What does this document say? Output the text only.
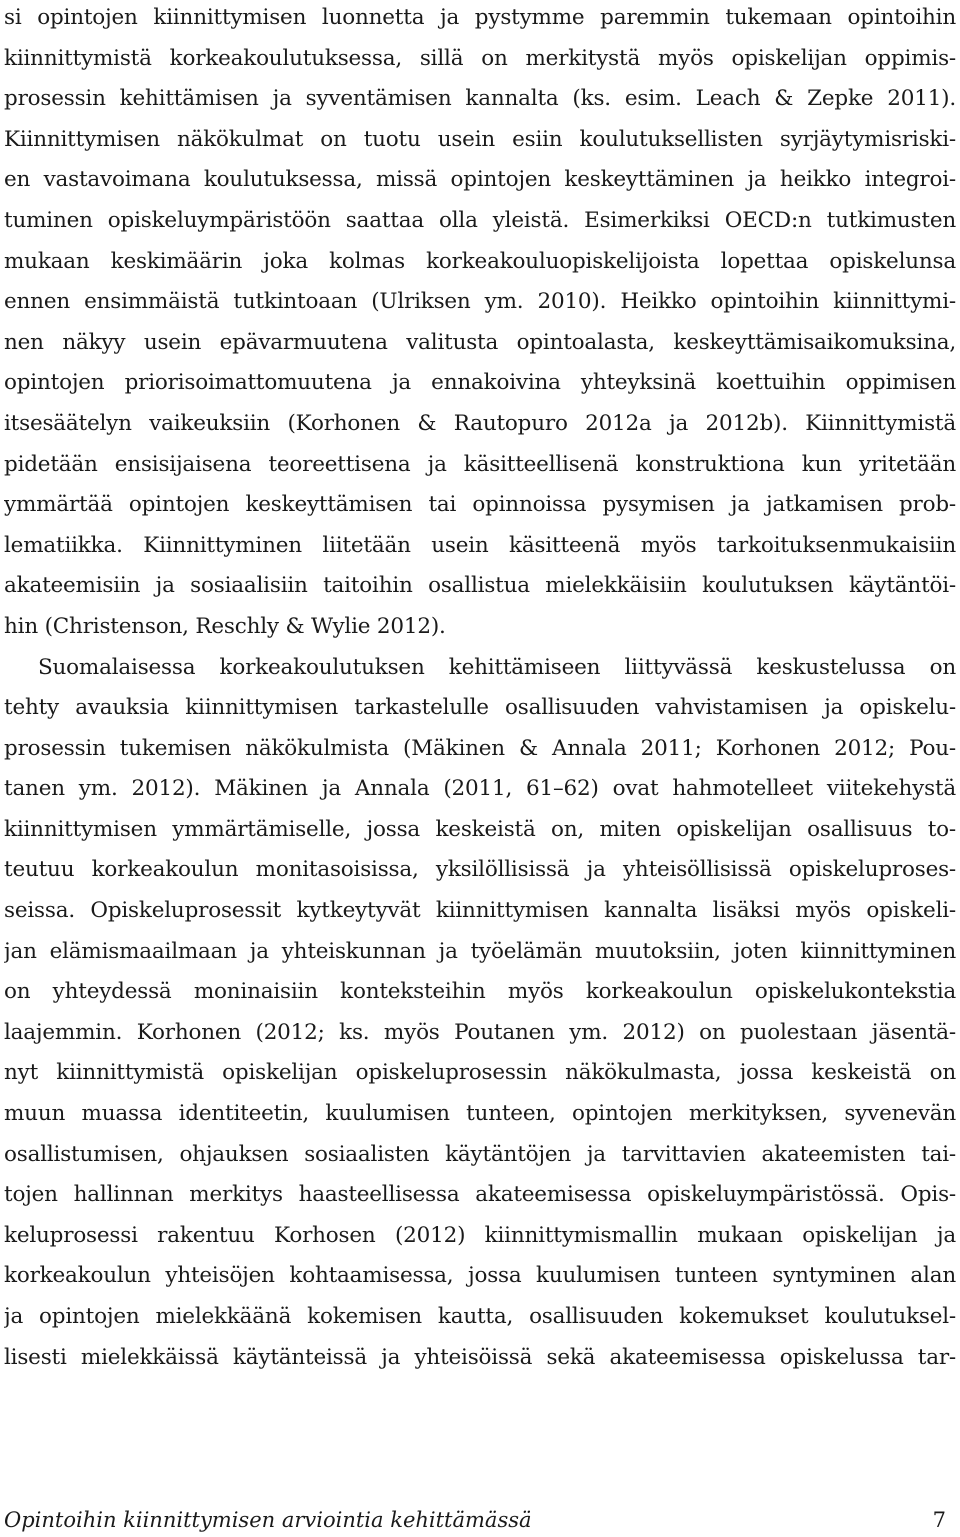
si opintojen kiinnittymisen luonnetta ja pystymme paremmin tukemaan opintoihin
kiinnittymistä korkeakoulutuksessa, sillä on merkitystä myös opiskelijan oppimis-
prosessin kehittämisen ja syventämisen kannalta (ks. esim. Leach & Zepke 2011).
Kiinnittymisen näkökulmat on tuotu usein esiin koulutuksellisten syrjäytymisriski-
en vastavoimana koulutuksessa, missä opintojen keskeyttäminen ja heikko integroi-
tuminen opiskeluympäristöön saattaa olla yleistä. Esimerkiksi OECD:n tutkimusten
mukaan keskimäärin joka kolmas korkeakouluopiskelijoista lopettaa opiskelunsa
ennen ensimmäistä tutkintoaan (Ulriksen ym. 2010). Heikko opintoihin kiinnittymi-
nen näkyy usein epävarmuutena valitusta opintoalasta, keskeyttämisaikomuksina,
opintojen priorisoimattomuutena ja ennakoivina yhteyksinä koettuihin oppimisen
itsesäätelyn vaikeuksiin (Korhonen & Rautopuro 2012a ja 2012b). Kiinnittymistä
pidetään ensisijaisena teoreettisena ja käsitteellisenä konstruktiona kun yritetään
ymmärtää opintojen keskeyttämisen tai opinnoissa pysymisen ja jatkamisen prob-
lematiikka. Kiinnittyminen liitetään usein käsitteenä myös tarkoituksenmukaisiin
akateemisiin ja sosiaalisiin taitoihin osallistua mielekkäisiin koulutuksen käytäntöi-
hin (Christenson, Reschly & Wylie 2012).
Suomalaisessa korkeakoulutuksen kehittämiseen liittyvässä keskustelussa on
tehty avauksia kiinnittymisen tarkastelulle osallisuuden vahvistamisen ja opiskelu-
prosessin tukemisen näkökulmista (Mäkinen & Annala 2011; Korhonen 2012; Pou-
tanen ym. 2012). Mäkinen ja Annala (2011, 61–62) ovat hahmotelleet viitekehystä
kiinnittymisen ymmärtämiselle, jossa keskeistä on, miten opiskelijan osallisuus to-
teutuu korkeakoulun monitasoisissa, yksilöllisissä ja yhteisöllisissä opiskeluproses-
seissa. Opiskeluprosessit kytkeytyvät kiinnittymisen kannalta lisäksi myös opiskeli-
jan elämismaailmaan ja yhteiskunnan ja työelämän muutoksiin, joten kiinnittyminen
on yhteydessä moninaisiin konteksteihin myös korkeakoulun opiskelukontekstia
laajemmin. Korhonen (2012; ks. myös Poutanen ym. 2012) on puolestaan jäsentä-
nyt kiinnittymistä opiskelijan opiskeluprosessin näkökulmasta, jossa keskeistä on
muun muassa identiteetin, kuulumisen tunteen, opintojen merkityksen, syvenevän
osallistumisen, ohjauksen sosiaalisten käytäntöjen ja tarvittavien akateemisten tai-
tojen hallinnan merkitys haasteellisessa akateemisessa opiskeluympäristössä. Opis-
keluprosessi rakentuu Korhosen (2012) kiinnittymismallin mukaan opiskelijan ja
korkeakoulun yhteisöjen kohtaamisessa, jossa kuulumisen tunteen syntyminen alan
ja opintojen mielekkäänä kokemisen kautta, osallisuuden kokemukset koulutuksel-
lisesti mielekkäissä käytänteissä ja yhteisöissä sekä akateemisessa opiskelussa tar-
Opintoihin kiinnittymisen arviointia kehittämässä	7
